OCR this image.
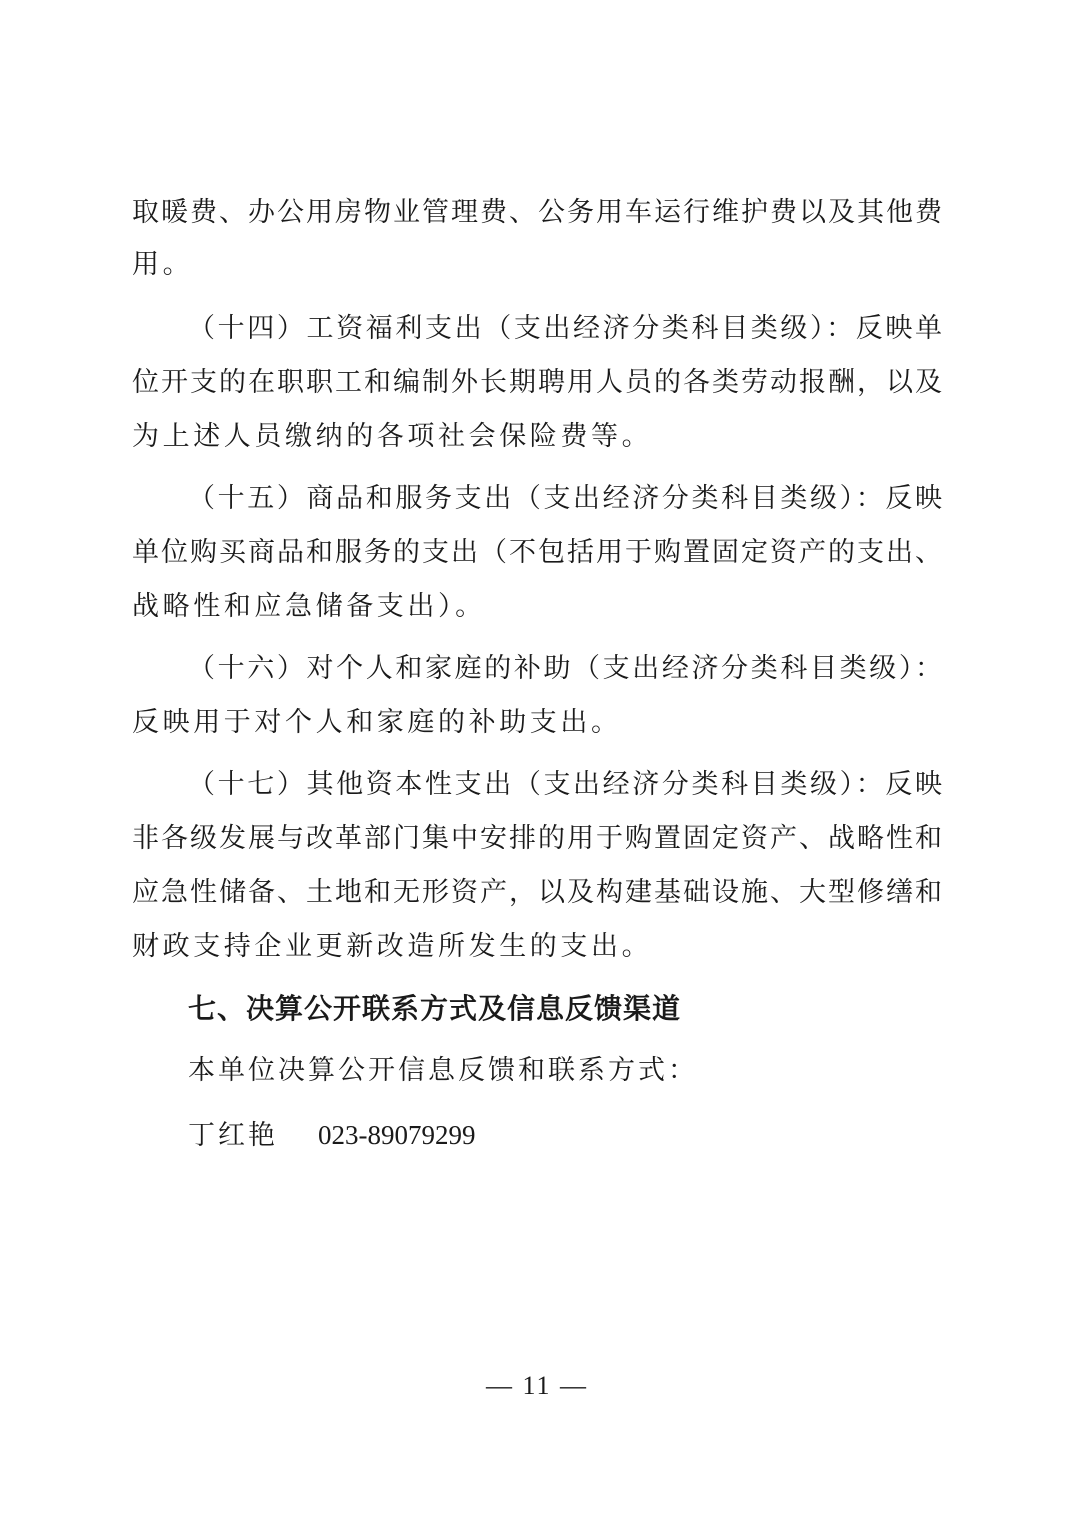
取暖费、办公用房物业管理费、公务用车运行维护费以及其他费
用。
（十四）工资福利支出（支出经济分类科目类级）：反映单
位开支的在职职工和编制外长期聘用人员的各类劳动报酬，以及
为上述人员缴纳的各项社会保险费等。
（十五）商品和服务支出（支出经济分类科目类级）：反映
单位购买商品和服务的支出（不包括用于购置固定资产的支出、
战略性和应急储备支出）。
（十六）对个人和家庭的补助（支出经济分类科目类级）：
反映用于对个人和家庭的补助支出。
（十七）其他资本性支出（支出经济分类科目类级）：反映
非各级发展与改革部门集中安排的用于购置固定资产、战略性和
应急性储备、土地和无形资产，以及构建基础设施、大型修缮和
财政支持企业更新改造所发生的支出。
七、决算公开联系方式及信息反馈渠道
本单位决算公开信息反馈和联系方式：
丁红艳 023-89079299
— 11 —
